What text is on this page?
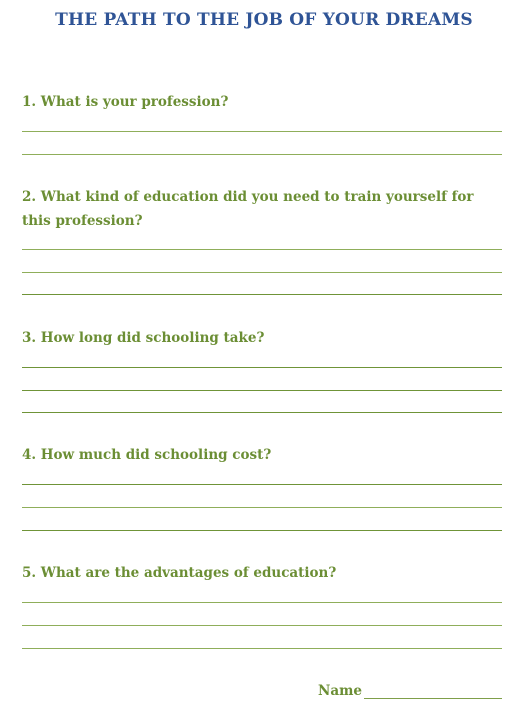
THE PATH TO THE JOB OF YOUR DREAMS
1. What is your profession?
2. What kind of education did you need to train yourself for this profession?
3. How long did schooling take?
4. How much did schooling cost?
5. What are the advantages of education?
Name
